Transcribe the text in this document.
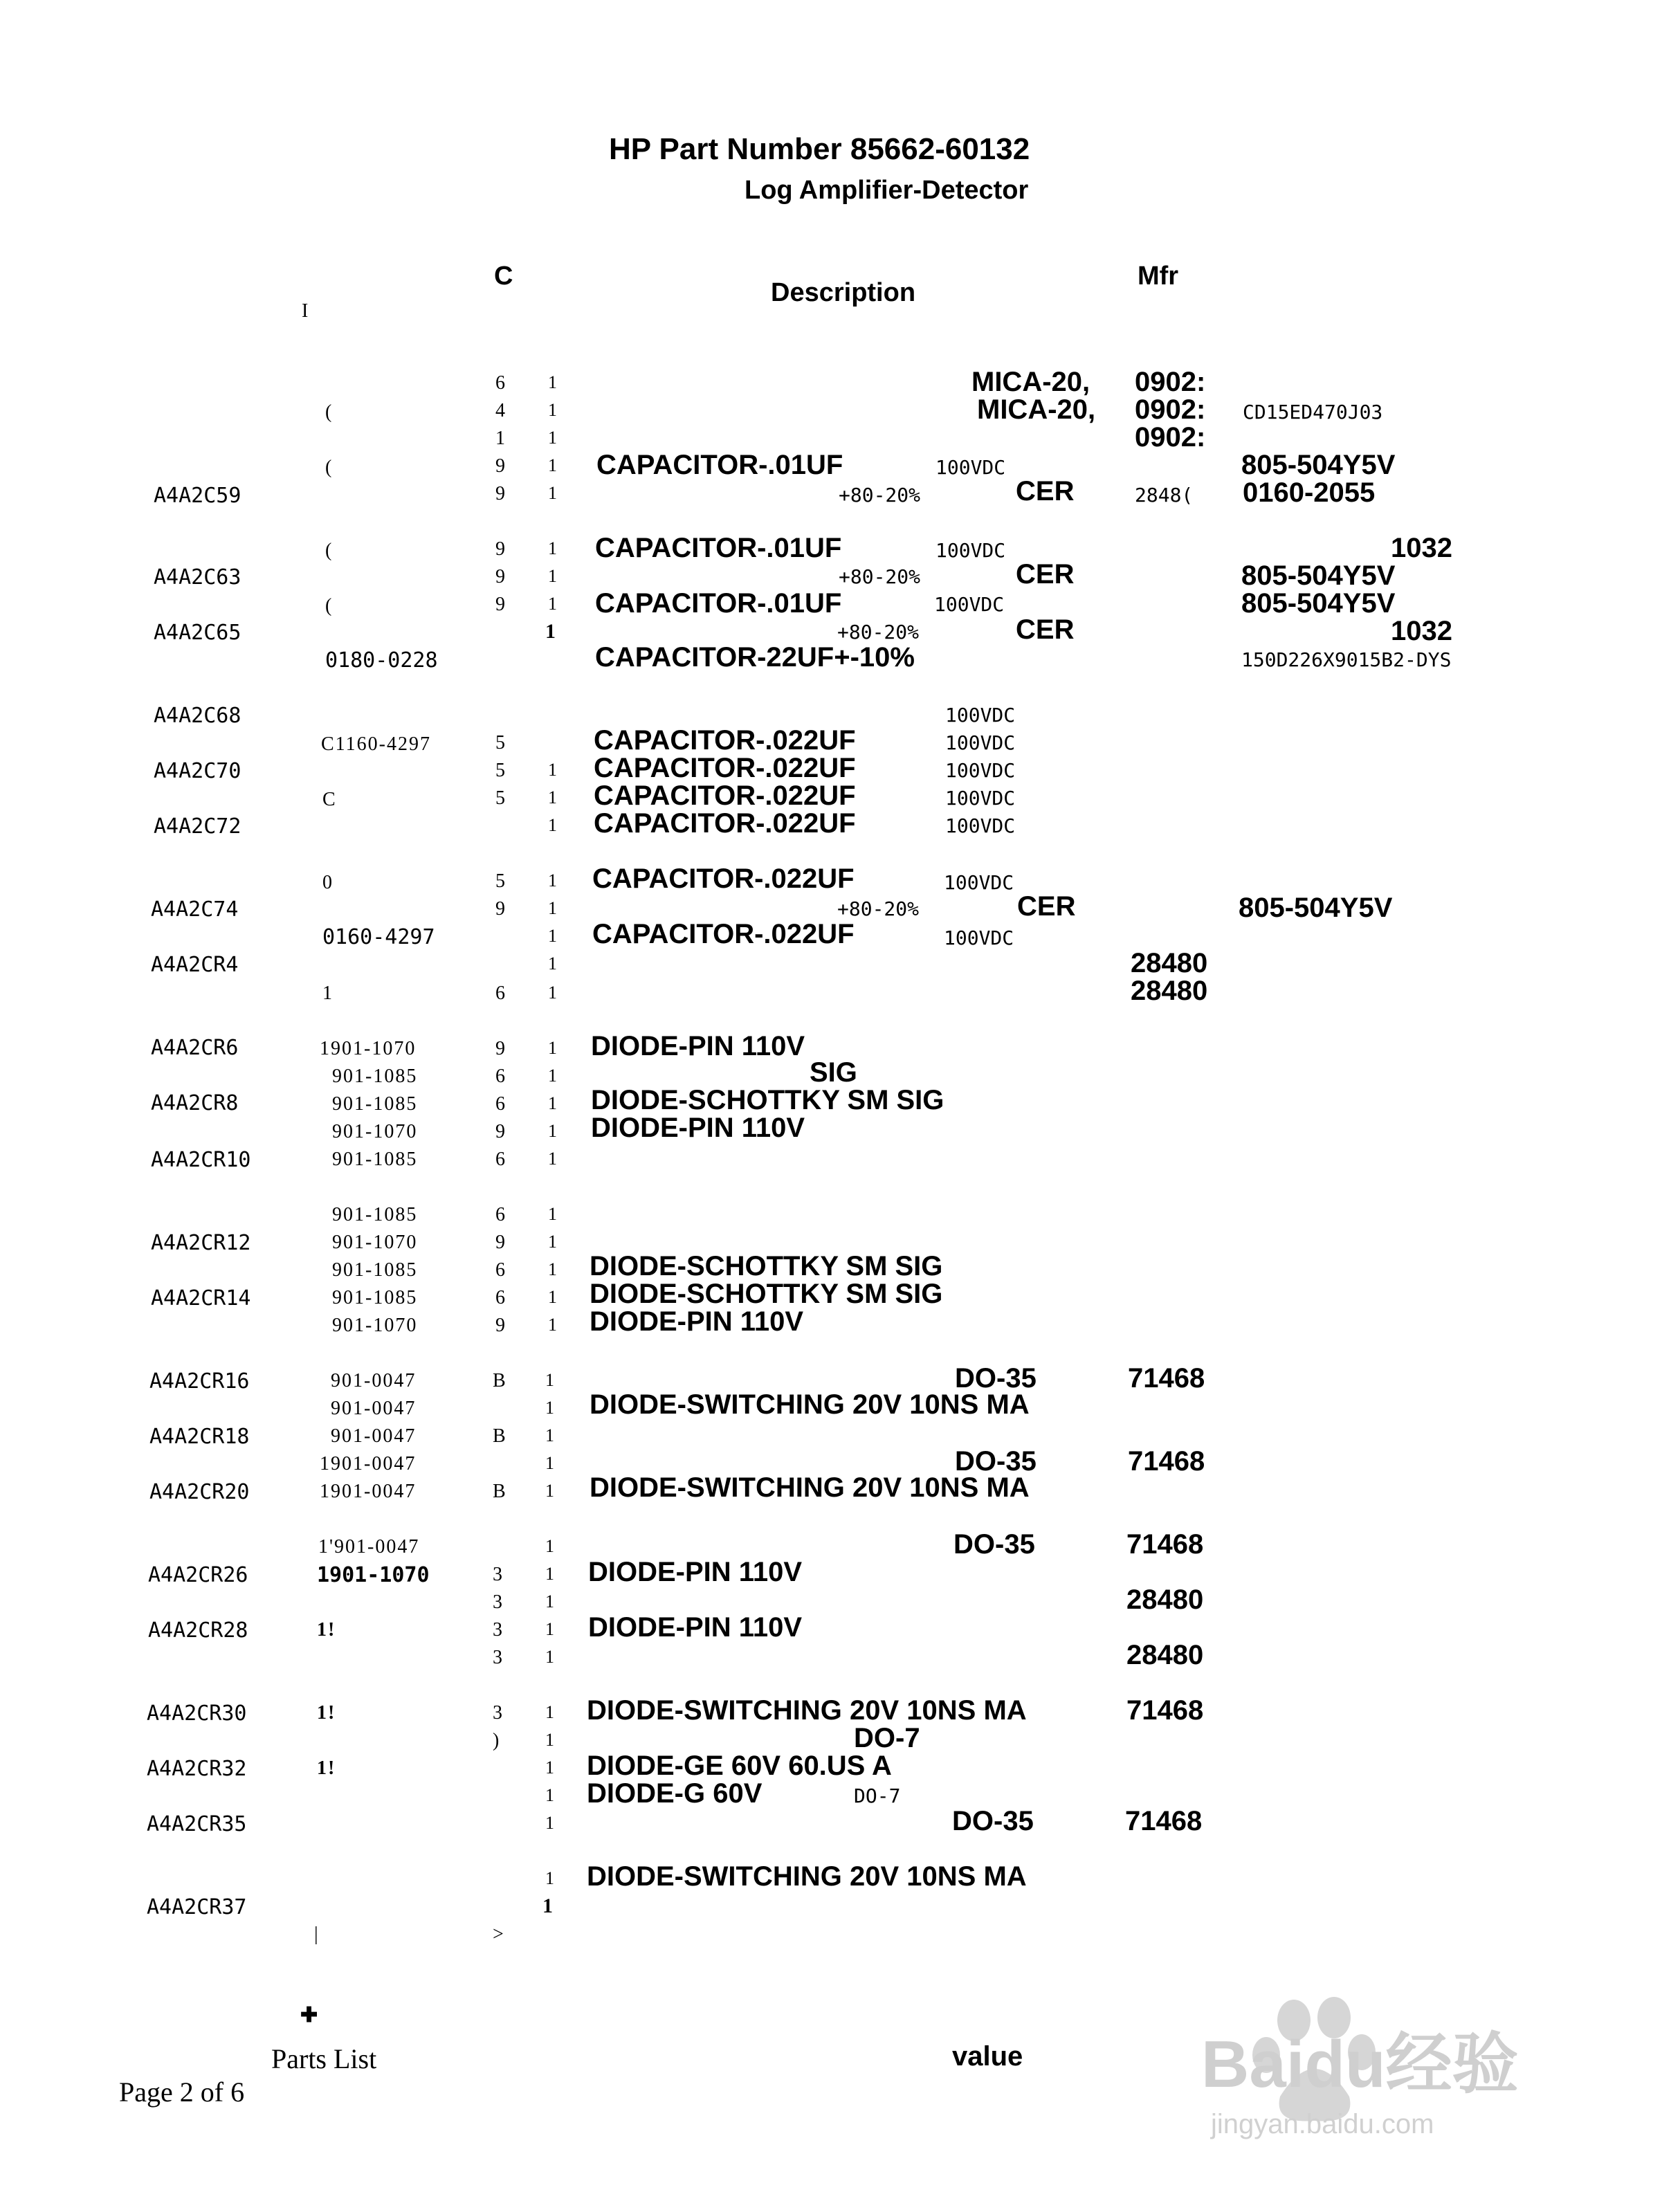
HP Part Number 85662-60132
Log Amplifier-Detector
C
Description
Mfr
I
A4A2C59
A4A2C63
A4A2C65
A4A2C68
A4A2C70
A4A2C72
A4A2C74
A4A2CR4
A4A2CR6
A4A2CR8
A4A2CR10
A4A2CR12
A4A2CR14
A4A2CR16
A4A2CR18
A4A2CR20
A4A2CR26
A4A2CR28
A4A2CR30
A4A2CR32
A4A2CR35
A4A2CR37
(
(
(
(
0180-0228
C1160-4297
C
0
0160-4297
1
1901-1070
901-1085
901-1085
901-1070
901-1085
901-1085
901-1070
901-1085
901-1085
901-1070
901-0047
901-0047
901-0047
1901-0047
1901-0047
1'901-0047
1901-1070
1!
1!
1!
|
6
4
1
9
9
9
9
9
5
5
5
5
9
6
9
6
6
9
6
6
9
6
6
9
B
B
B
3
3
3
3
3
)
>
1
1
1
1
1
1
1
1
1
1
1
1
1
1
1
1
1
1
1
1
1
1
1
1
1
1
1
1
1
1
1
1
1
1
1
1
1
1
1
1
1
1
1
1
CAPACITOR-.01UF
CAPACITOR-.01UF
CAPACITOR-.01UF
CAPACITOR-22UF+-10%
CAPACITOR-.022UF
CAPACITOR-.022UF
CAPACITOR-.022UF
CAPACITOR-.022UF
CAPACITOR-.022UF
CAPACITOR-.022UF
DIODE-PIN 110V
SIG
DIODE-SCHOTTKY SM SIG
DIODE-PIN 110V
DIODE-SCHOTTKY SM SIG
DIODE-SCHOTTKY SM SIG
DIODE-PIN 110V
DIODE-SWITCHING 20V 10NS MA
DIODE-SWITCHING 20V 10NS MA
DIODE-PIN 110V
DIODE-PIN 110V
DIODE-SWITCHING 20V 10NS MA
DIODE-GE 60V 60.US A
DIODE-G 60V
DIODE-SWITCHING 20V 10NS MA
MICA-20,
MICA-20,
100VDC
+80-20%
100VDC
+80-20%
100VDC
+80-20%
100VDC
100VDC
100VDC
100VDC
100VDC
100VDC
+80-20%
100VDC
DO-35
DO-35
DO-35
DO-7
DO-7
DO-35
CER
CER
CER
CER
0902:
0902:
0902:
2848(
28480
28480
71468
71468
71468
28480
28480
71468
71468
CD15ED470J03
805-504Y5V
0160-2055
1032
805-504Y5V
805-504Y5V
1032
150D226X9015B2-DYS
805-504Y5V
✚
Parts List	value
Page 2 of 6	Baidu经验
jingyan.baidu.com
